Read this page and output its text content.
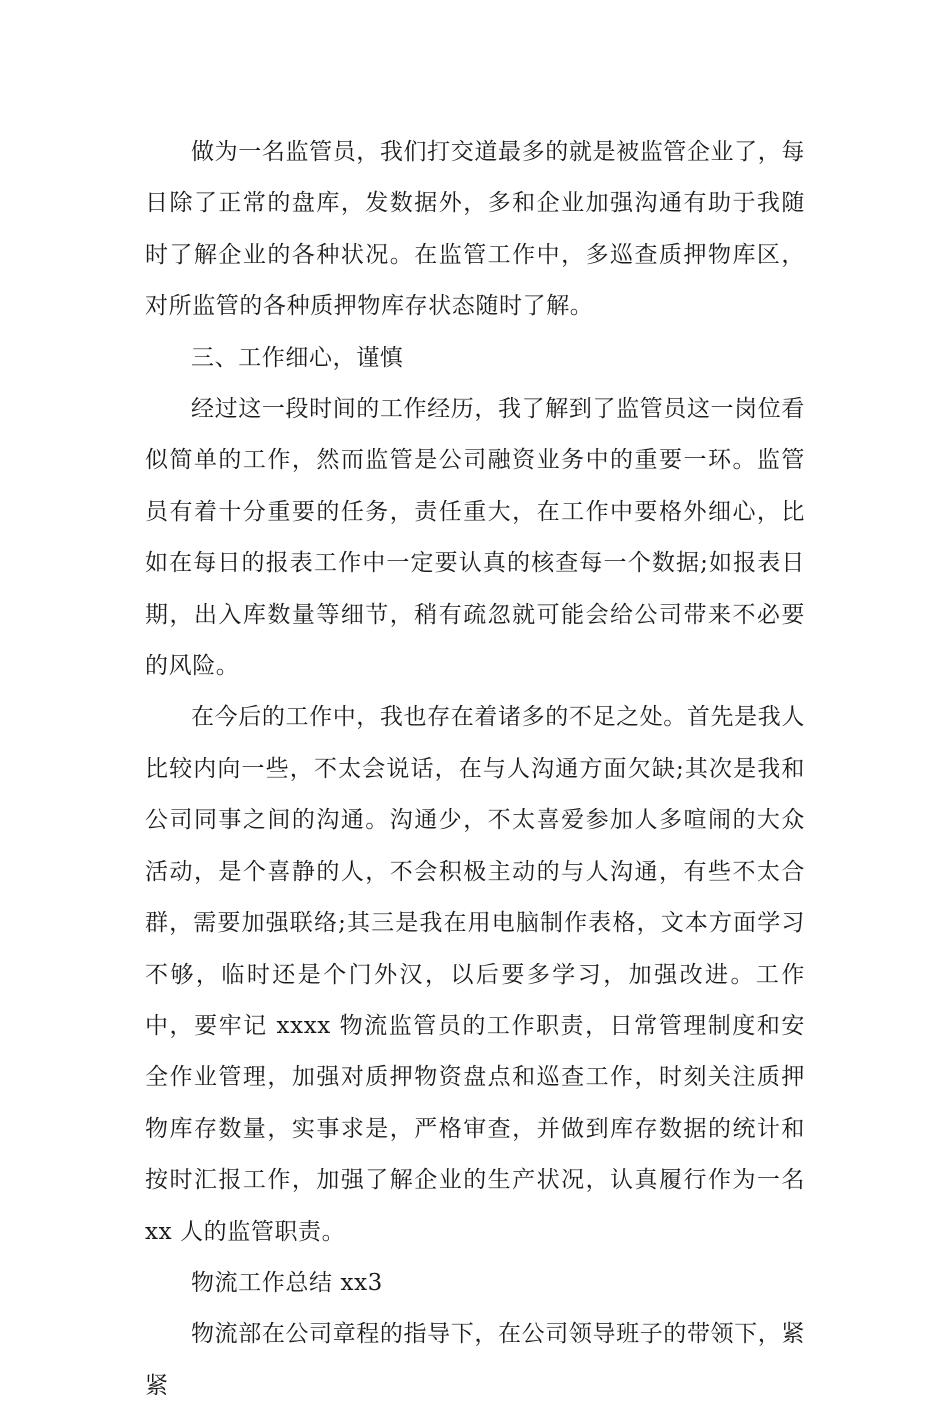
做为一名监管员，我们打交道最多的就是被监管企业了，每日除了正常的盘库，发数据外，多和企业加强沟通有助于我随时了解企业的各种状况。在监管工作中，多巡查质押物库区，对所监管的各种质押物库存状态随时了解。

三、工作细心，谨慎

经过这一段时间的工作经历，我了解到了监管员这一岗位看似简单的工作，然而监管是公司融资业务中的重要一环。监管员有着十分重要的任务，责任重大，在工作中要格外细心，比如在每日的报表工作中一定要认真的核查每一个数据;如报表日期，出入库数量等细节，稍有疏忽就可能会给公司带来不必要的风险。

在今后的工作中，我也存在着诸多的不足之处。首先是我人比较内向一些，不太会说话，在与人沟通方面欠缺;其次是我和公司同事之间的沟通。沟通少，不太喜爱参加人多喧闹的大众活动，是个喜静的人，不会积极主动的与人沟通，有些不太合群，需要加强联络;其三是我在用电脑制作表格，文本方面学习不够，临时还是个门外汉，以后要多学习，加强改进。工作中，要牢记 xxxx 物流监管员的工作职责，日常管理制度和安全作业管理，加强对质押物资盘点和巡查工作，时刻关注质押物库存数量，实事求是，严格审查，并做到库存数据的统计和按时汇报工作，加强了解企业的生产状况，认真履行作为一名 xx 人的监管职责。

物流工作总结 xx3

物流部在公司章程的指导下，在公司领导班子的带领下，紧紧
